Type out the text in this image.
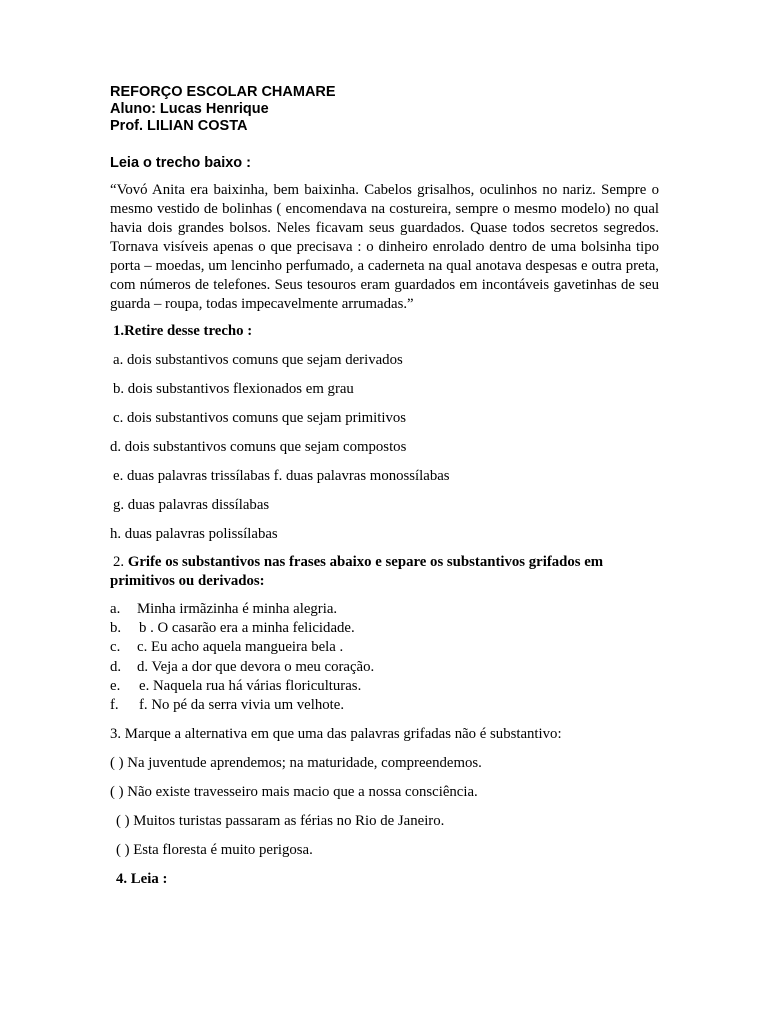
REFORÇO ESCOLAR CHAMARE
Aluno: Lucas Henrique
Prof. LILIAN COSTA
Leia o trecho baixo :
“Vovó Anita era baixinha, bem baixinha. Cabelos grisalhos, oculinhos no nariz. Sempre o mesmo vestido de bolinhas ( encomendava na costureira, sempre o mesmo modelo) no qual havia dois grandes bolsos. Neles ficavam seus guardados. Quase todos secretos segredos. Tornava visíveis apenas o que precisava : o dinheiro enrolado dentro de uma bolsinha tipo porta – moedas, um lencinho perfumado, a caderneta na qual anotava despesas e outra preta, com números de telefones. Seus tesouros eram guardados em incontáveis gavetinhas de seu guarda – roupa, todas impecavelmente arrumadas.”
1.Retire desse trecho :
a. dois substantivos comuns que sejam derivados
b. dois substantivos flexionados em grau
c. dois substantivos comuns que sejam primitivos
d. dois substantivos comuns que sejam compostos
e. duas palavras trissílabas f. duas palavras monossílabas
g. duas palavras dissílabas
h. duas palavras polissílabas
2. Grife os substantivos nas frases abaixo e separe os substantivos grifados em
primitivos ou derivados:
a.	Minha irmãzinha é minha alegria.
b.	b . O casarão era a minha felicidade.
c.	c. Eu acho aquela mangueira bela .
d.	d. Veja a dor que devora o meu coração.
e.	e. Naquela rua há várias floriculturas.
f.	f. No pé da serra vivia um velhote.
3. Marque a alternativa em que uma das palavras grifadas não é substantivo:
( ) Na juventude aprendemos; na maturidade, compreendemos.
( ) Não existe travesseiro mais macio que a nossa consciência.
( ) Muitos turistas passaram as férias no Rio de Janeiro.
( ) Esta floresta é muito perigosa.
4. Leia :
